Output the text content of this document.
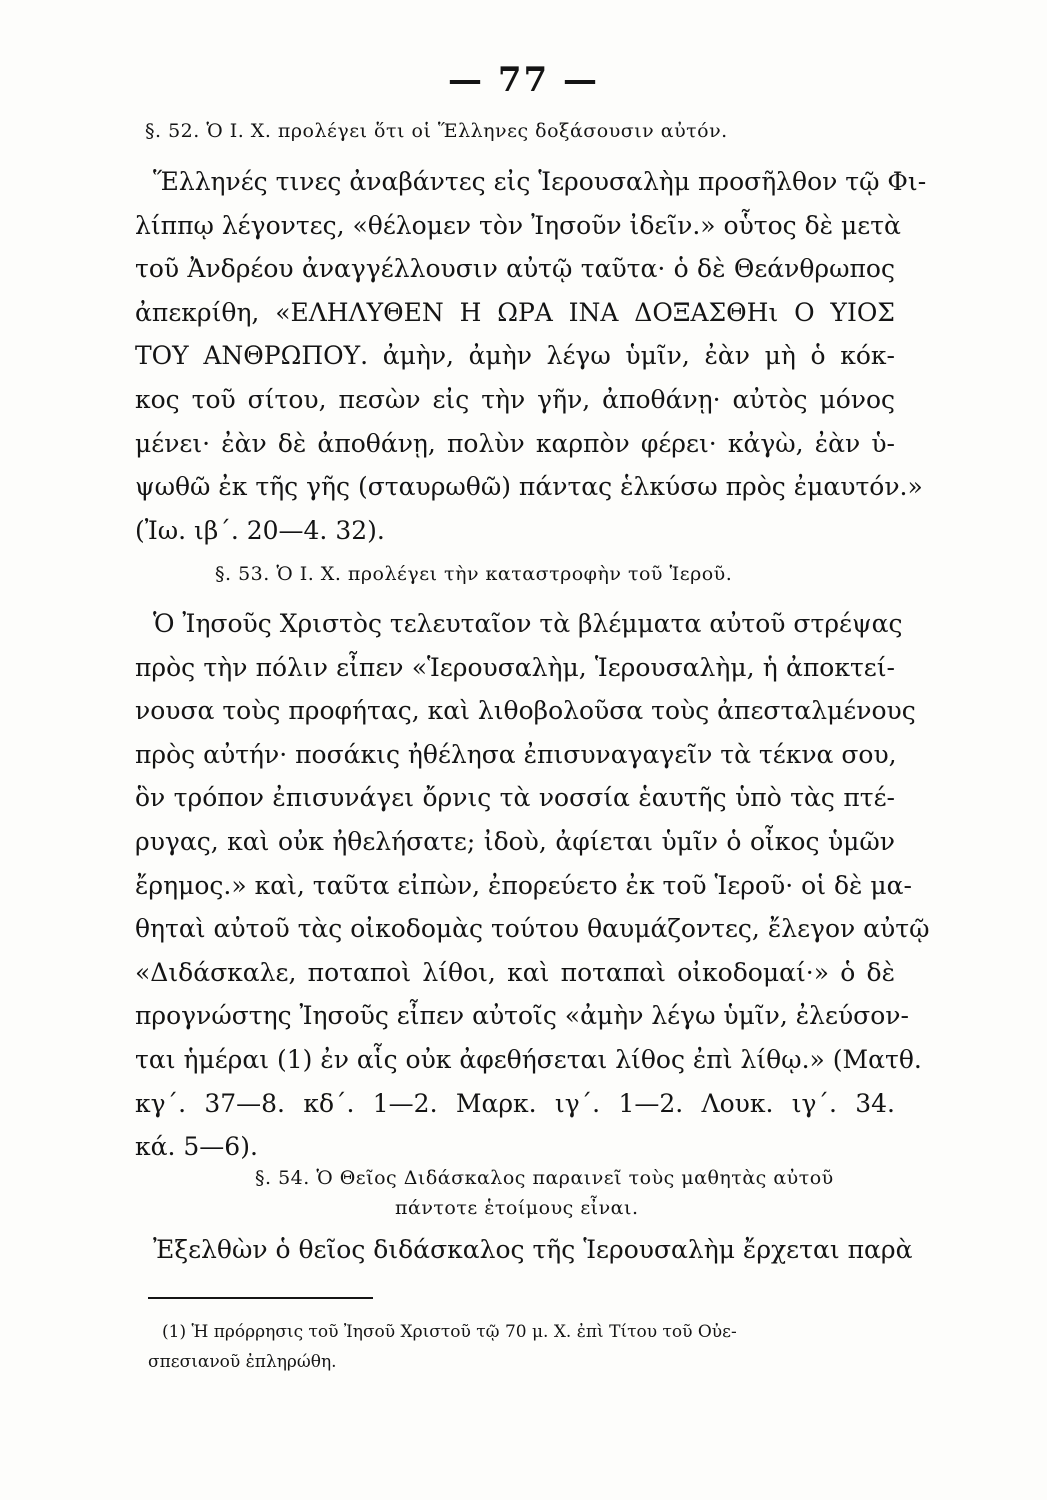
— 77 —
§. 52. Ὁ Ι. Χ. προλέγει ὅτι οἱ Ἕλληνες δοξάσουσιν αὐτόν.
Ἕλληνές τινες ἀναβάντες εἰς Ἱερουσαλὴμ προσῆλθον τῷ Φι-
λίππῳ λέγοντες, «θέλομεν τὸν Ἰησοῦν ἰδεῖν.» οὗτος δὲ μετὰ
τοῦ Ἀνδρέου ἀναγγέλλουσιν αὐτῷ ταῦτα· ὁ δὲ Θεάνθρωπος
ἀπεκρίθη, «ΕΛΗΛΥΘΕΝ Η ΩΡΑ ΙΝΑ ΔΟΞΑΣΘΗι Ο ΥΙΟΣ
ΤΟΥ ΑΝΘΡΩΠΟΥ. ἀμὴν, ἀμὴν λέγω ὑμῖν, ἐὰν μὴ ὁ κόκ-
κος τοῦ σίτου, πεσὼν εἰς τὴν γῆν, ἀποθάνῃ· αὐτὸς μόνος
μένει· ἐὰν δὲ ἀποθάνῃ, πολὺν καρπὸν φέρει· κἀγὼ, ἐὰν ὑ-
ψωθῶ ἐκ τῆς γῆς (σταυρωθῶ) πάντας ἑλκύσω πρὸς ἐμαυτόν.»
(Ἰω. ιβ΄. 20—4. 32).
§. 53. Ὁ Ι. Χ. προλέγει τὴν καταστροφὴν τοῦ Ἱεροῦ.
Ὁ Ἰησοῦς Χριστὸς τελευταῖον τὰ βλέμματα αὐτοῦ στρέψας
πρὸς τὴν πόλιν εἶπεν «Ἱερουσαλὴμ, Ἱερουσαλὴμ, ἡ ἀποκτεί-
νουσα τοὺς προφήτας, καὶ λιθοβολοῦσα τοὺς ἀπεσταλμένους
πρὸς αὐτήν· ποσάκις ἠθέλησα ἐπισυναγαγεῖν τὰ τέκνα σου,
ὃν τρόπον ἐπισυνάγει ὄρνις τὰ νοσσία ἑαυτῆς ὑπὸ τὰς πτέ-
ρυγας, καὶ οὐκ ἠθελήσατε; ἰδοὺ, ἀφίεται ὑμῖν ὁ οἶκος ὑμῶν
ἔρημος.» καὶ, ταῦτα εἰπὼν, ἐπορεύετο ἐκ τοῦ Ἱεροῦ· οἱ δὲ μα-
θηταὶ αὐτοῦ τὰς οἰκοδομὰς τούτου θαυμάζοντες, ἔλεγον αὐτῷ
«Διδάσκαλε, ποταποὶ λίθοι, καὶ ποταπαὶ οἰκοδομαί·» ὁ δὲ
προγνώστης Ἰησοῦς εἶπεν αὐτοῖς «ἀμὴν λέγω ὑμῖν, ἐλεύσον-
ται ἡμέραι (1) ἐν αἷς οὐκ ἀφεθήσεται λίθος ἐπὶ λίθῳ.» (Ματθ.
κγ΄. 37—8. κδ΄. 1—2. Μαρκ. ιγ΄. 1—2. Λουκ. ιγ΄. 34.
κά. 5—6).
§. 54. Ὁ Θεῖος Διδάσκαλος παραινεῖ τοὺς μαθητὰς αὐτοῦ
πάντοτε ἑτοίμους εἶναι.
Ἐξελθὼν ὁ θεῖος διδάσκαλος τῆς Ἱερουσαλὴμ ἔρχεται παρὰ
(1) Ἡ πρόρρησις τοῦ Ἰησοῦ Χριστοῦ τῷ 70 μ. Χ. ἐπὶ Τίτου τοῦ Οὐε-
σπεσιανοῦ ἐπληρώθη.
